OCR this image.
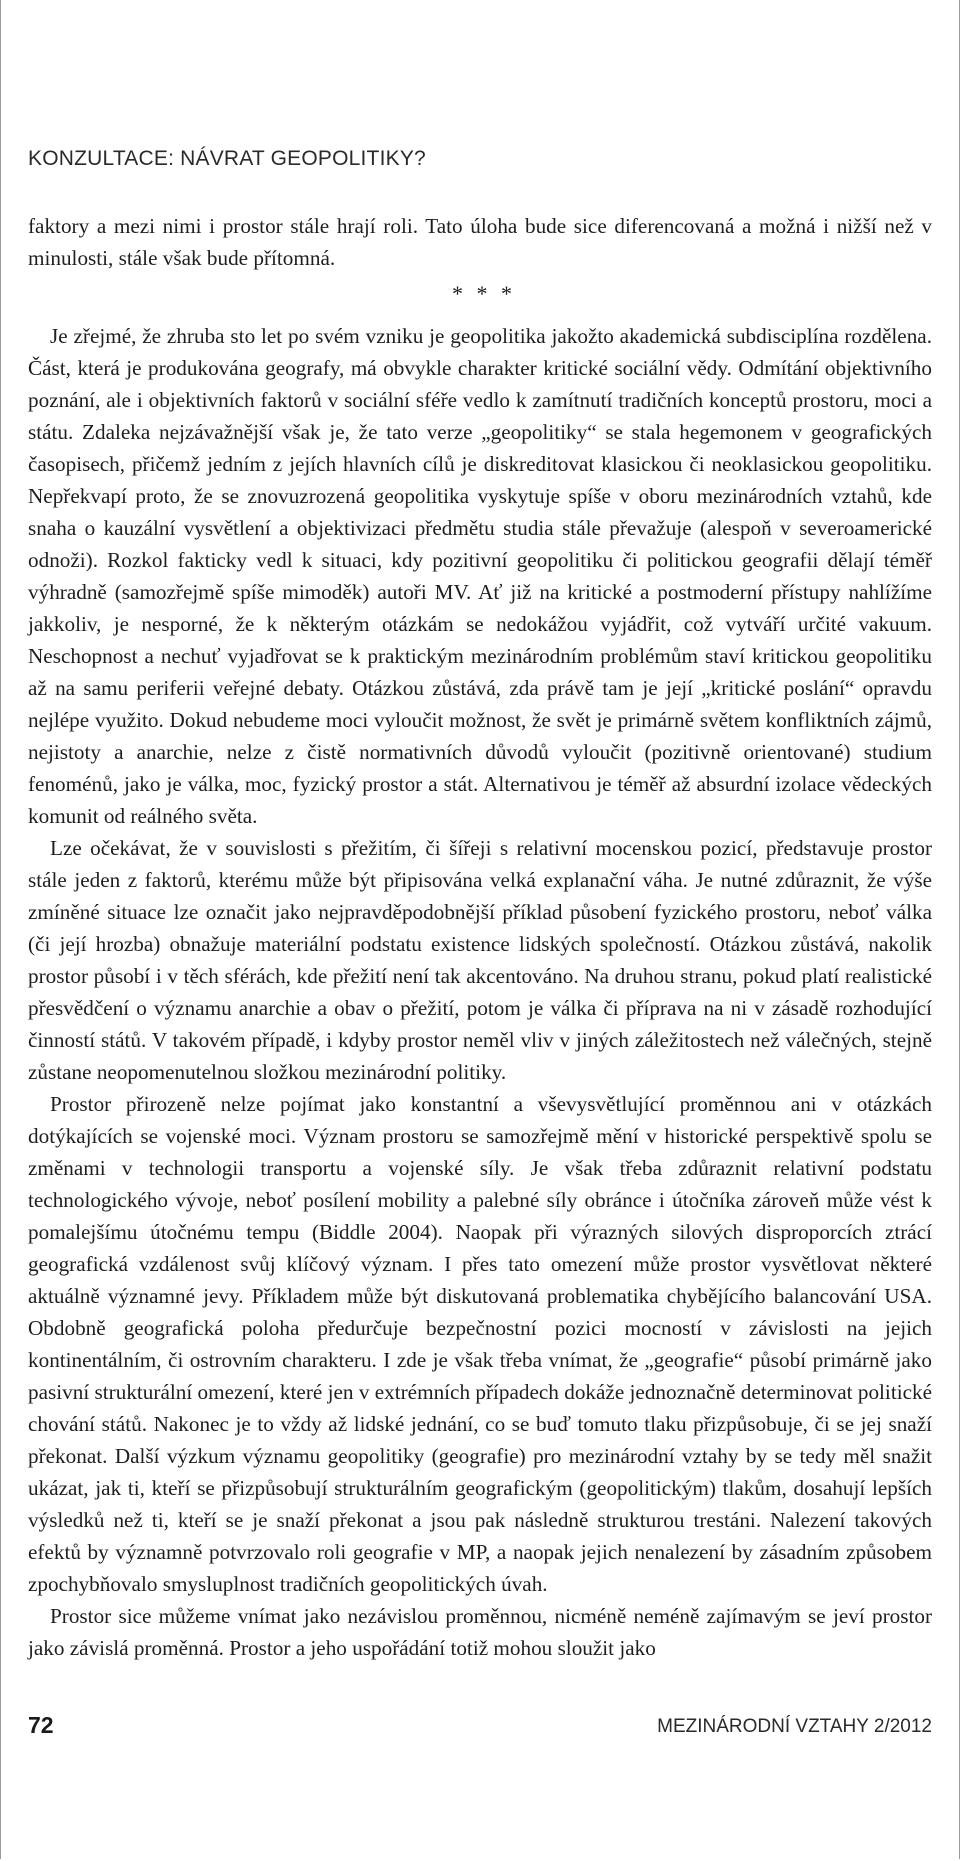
KONZULTACE: NÁVRAT GEOPOLITIKY?

faktory a mezi nimi i prostor stále hrají roli. Tato úloha bude sice diferencovaná a možná i nižší než v minulosti, stále však bude přítomná.

* * *

Je zřejmé, že zhruba sto let po svém vzniku je geopolitika jakožto akademická subdisciplína rozdělena. Část, která je produkována geografy, má obvykle charakter kritické sociální vědy. Odmítání objektivního poznání, ale i objektivních faktorů v sociální sféře vedlo k zamítnutí tradičních konceptů prostoru, moci a státu. Zdaleka nejzávažnější však je, že tato verze „geopolitiky“ se stala hegemonem v geografických časopisech, přičemž jedním z jejích hlavních cílů je diskreditovat klasickou či neoklasickou geopolitiku. Nepřekvapí proto, že se znovuzrozená geopolitika vyskytuje spíše v oboru mezinárodních vztahů, kde snaha o kauzální vysvětlení a objektivizaci předmětu studia stále převažuje (alespoň v severoamerické odnoži). Rozkol fakticky vedl k situaci, kdy pozitivní geopolitiku či politickou geografii dělají téměř výhradně (samozřejmě spíše mimoděk) autoři MV. Ať již na kritické a postmoderní přístupy nahlížíme jakkoliv, je nesporné, že k některým otázkám se nedokážou vyjádřit, což vytváří určité vakuum. Neschopnost a nechuť vyjadřovat se k praktickým mezinárodním problémům staví kritickou geopolitiku až na samu periferii veřejné debaty. Otázkou zůstává, zda právě tam je její „kritické poslání“ opravdu nejlépe využito. Dokud nebudeme moci vyloučit možnost, že svět je primárně světem konfliktních zájmů, nejistoty a anarchie, nelze z čistě normativních důvodů vyloučit (pozitivně orientované) studium fenoménů, jako je válka, moc, fyzický prostor a stát. Alternativou je téměř až absurdní izolace vědeckých komunit od reálného světa.

Lze očekávat, že v souvislosti s přežitím, či šířeji s relativní mocenskou pozicí, představuje prostor stále jeden z faktorů, kterému může být připisována velká explanační váha. Je nutné zdůraznit, že výše zmíněné situace lze označit jako nejpravděpodobnější příklad působení fyzického prostoru, neboť válka (či její hrozba) obnažuje materiální podstatu existence lidských společností. Otázkou zůstává, nakolik prostor působí i v těch sférách, kde přežití není tak akcentováno. Na druhou stranu, pokud platí realistické přesvědčení o významu anarchie a obav o přežití, potom je válka či příprava na ni v zásadě rozhodující činností států. V takovém případě, i kdyby prostor neměl vliv v jiných záležitostech než válečných, stejně zůstane neopomenutelnou složkou mezinárodní politiky.

Prostor přirozeně nelze pojímat jako konstantní a vševysvětlující proměnnou ani v otázkách dotýkajících se vojenské moci. Význam prostoru se samozřejmě mění v historické perspektivě spolu se změnami v technologii transportu a vojenské síly. Je však třeba zdůraznit relativní podstatu technologického vývoje, neboť posílení mobility a palebné síly obránce i útočníka zároveň může vést k pomalejšímu útočnému tempu (Biddle 2004). Naopak při výrazných silových disproporcích ztrácí geografická vzdálenost svůj klíčový význam. I přes tato omezení může prostor vysvětlovat některé aktuálně významné jevy. Příkladem může být diskutovaná problematika chybějícího balancování USA. Obdobně geografická poloha předurčuje bezpečnostní pozici mocností v závislosti na jejich kontinentálním, či ostrovním charakteru. I zde je však třeba vnímat, že „geografie“ působí primárně jako pasivní strukturální omezení, které jen v extrémních případech dokáže jednoznačně determinovat politické chování států. Nakonec je to vždy až lidské jednání, co se buď tomuto tlaku přizpůsobuje, či se jej snaží překonat. Další výzkum významu geopolitiky (geografie) pro mezinárodní vztahy by se tedy měl snažit ukázat, jak ti, kteří se přizpůsobují strukturálním geografickým (geopolitickým) tlakům, dosahují lepších výsledků než ti, kteří se je snaží překonat a jsou pak následně strukturou trestáni. Nalezení takových efektů by významně potvrzovalo roli geografie v MP, a naopak jejich nenalezení by zásadním způsobem zpochybňovalo smysluplnost tradičních geopolitických úvah.

Prostor sice můžeme vnímat jako nezávislou proměnnou, nicméně neméně zajímavým se jeví prostor jako závislá proměnná. Prostor a jeho uspořádání totiž mohou sloužit jako

72	MEZINÁRODNÍ VZTAHY 2/2012
